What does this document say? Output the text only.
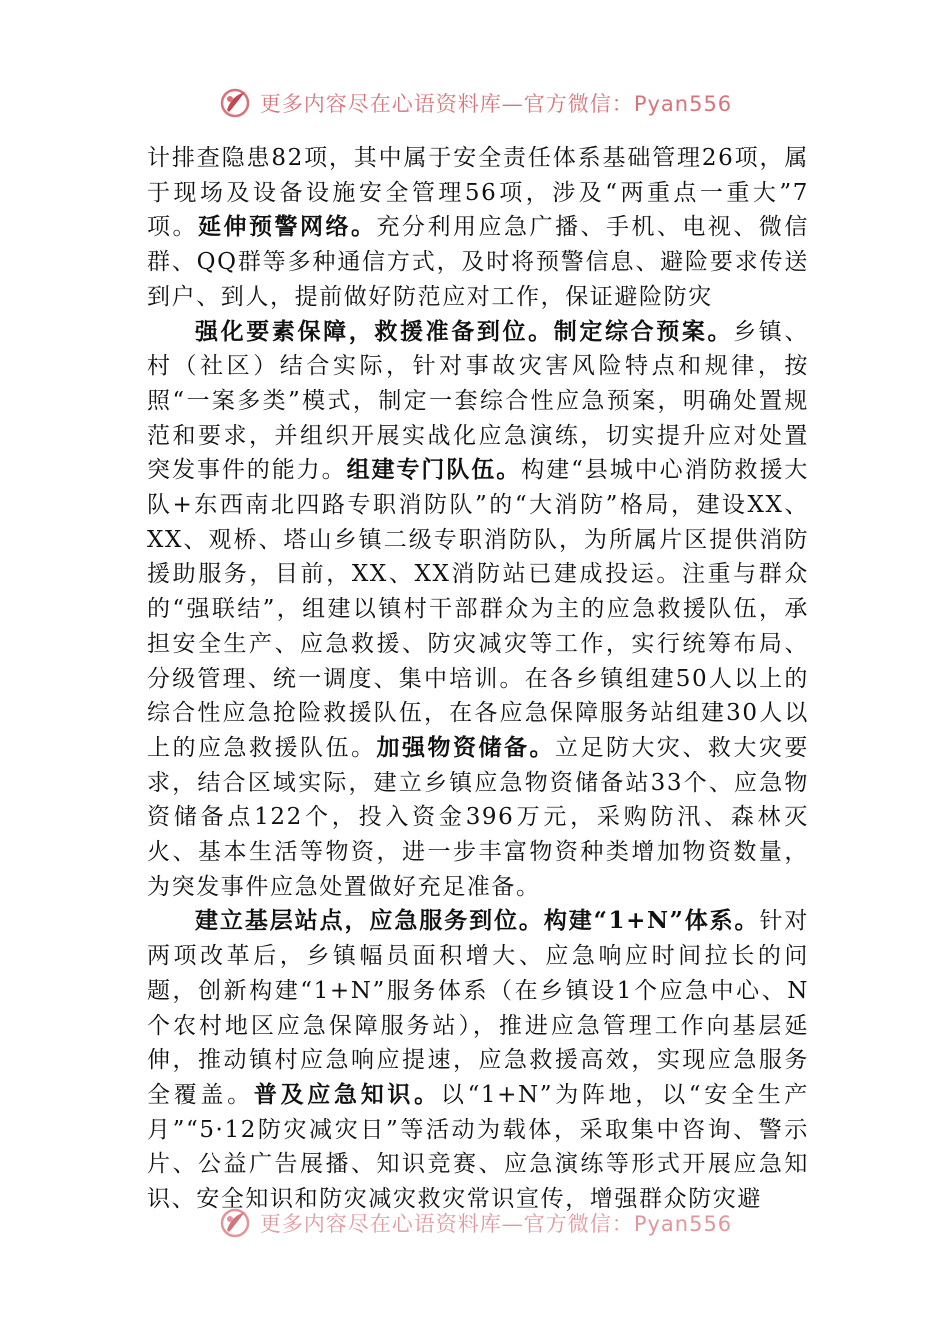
更多内容尽在心语资料库—官方微信：Pyan556

计排查隐患82项，其中属于安全责任体系基础管理26项，属于现场及设备设施安全管理56项，涉及“两重点一重大”7项。延伸预警网络。充分利用应急广播、手机、电视、微信群、QQ群等多种通信方式，及时将预警信息、避险要求传送到户、到人，提前做好防范应对工作，保证避险防灾

强化要素保障，救援准备到位。制定综合预案。乡镇、村（社区）结合实际，针对事故灾害风险特点和规律，按照“一案多类”模式，制定一套综合性应急预案，明确处置规范和要求，并组织开展实战化应急演练，切实提升应对处置突发事件的能力。组建专门队伍。构建“县城中心消防救援大队+东西南北四路专职消防队”的“大消防”格局，建设XX、XX、观桥、塔山乡镇二级专职消防队，为所属片区提供消防援助服务，目前，XX、XX消防站已建成投运。注重与群众的“强联结”，组建以镇村干部群众为主的应急救援队伍，承担安全生产、应急救援、防灾减灾等工作，实行统筹布局、分级管理、统一调度、集中培训。在各乡镇组建50人以上的综合性应急抢险救援队伍，在各应急保障服务站组建30人以上的应急救援队伍。加强物资储备。立足防大灾、救大灾要求，结合区域实际，建立乡镇应急物资储备站33个、应急物资储备点122个，投入资金396万元，采购防汛、森林灭火、基本生活等物资，进一步丰富物资种类增加物资数量，为突发事件应急处置做好充足准备。

建立基层站点，应急服务到位。构建“1+N”体系。针对两项改革后，乡镇幅员面积增大、应急响应时间拉长的问题，创新构建“1+N”服务体系（在乡镇设1个应急中心、N个农村地区应急保障服务站），推进应急管理工作向基层延伸，推动镇村应急响应提速，应急救援高效，实现应急服务全覆盖。普及应急知识。以“1+N”为阵地，以“安全生产月”“5·12防灾减灾日”等活动为载体，采取集中咨询、警示片、公益广告展播、知识竞赛、应急演练等形式开展应急知识、安全知识和防灾减灾救灾常识宣传，增强群众防灾避

更多内容尽在心语资料库—官方微信：Pyan556
